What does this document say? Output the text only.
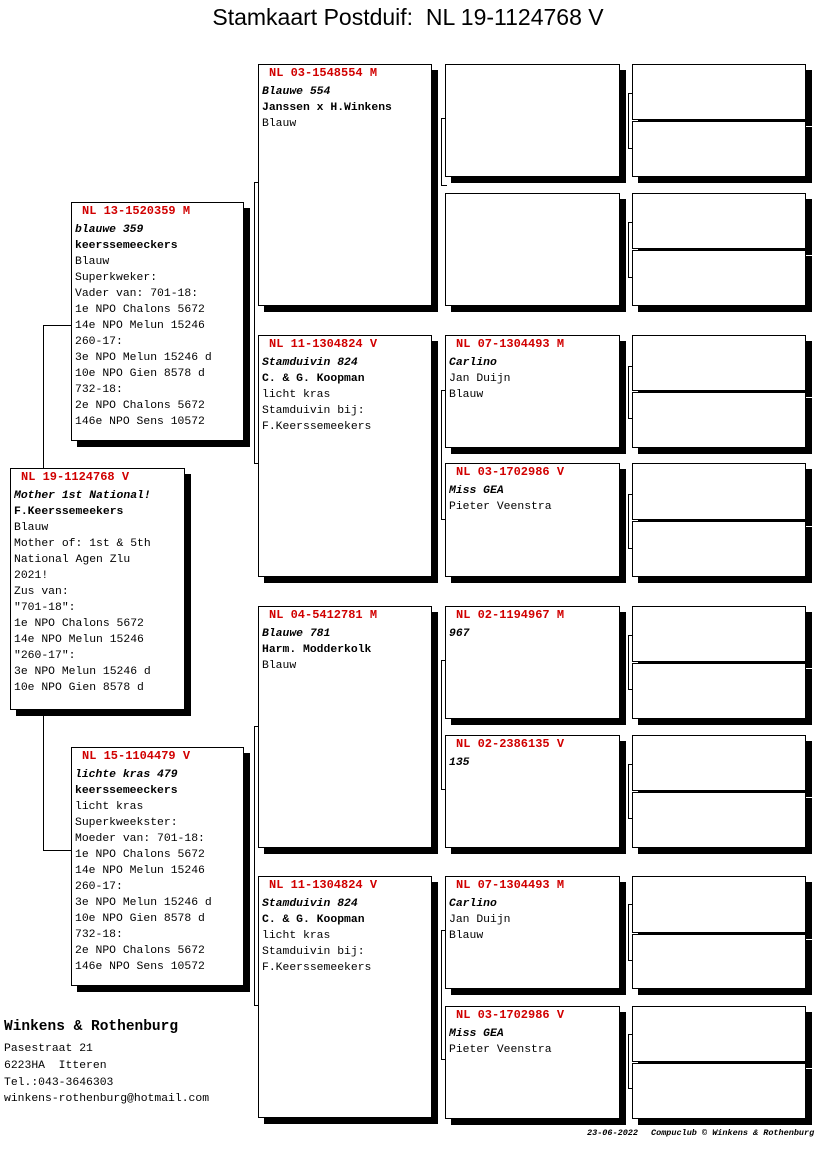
Stamkaart Postduif:  NL 19-1124768 V
NL 19-1124768 V
Mother 1st National!
F.Keerssemeekers
Blauw
Mother of: 1st & 5th
National Agen Zlu
2021!
Zus van:
"701-18":
1e NPO Chalons 5672
14e NPO Melun 15246
"260-17":
3e NPO Melun 15246 d
10e NPO Gien 8578 d
NL 13-1520359 M
blauwe 359
keerssemeeckers
Blauw
Superkweker:
Vader van: 701-18:
1e NPO Chalons 5672
14e NPO Melun 15246
260-17:
3e NPO Melun 15246 d
10e NPO Gien 8578 d
732-18:
2e NPO Chalons 5672
146e NPO Sens 10572
NL 15-1104479 V
lichte kras 479
keerssemeeckers
licht kras
Superkweekster:
Moeder van: 701-18:
1e NPO Chalons 5672
14e NPO Melun 15246
260-17:
3e NPO Melun 15246 d
10e NPO Gien 8578 d
732-18:
2e NPO Chalons 5672
146e NPO Sens 10572
NL 03-1548554 M
Blauwe 554
Janssen x H.Winkens
Blauw
NL 11-1304824 V
Stamduivin 824
C. & G. Koopman
licht kras
Stamduivin bij:
F.Keerssemeekers
NL 04-5412781 M
Blauwe 781
Harm. Modderkolk
Blauw
NL 11-1304824 V
Stamduivin 824
C. & G. Koopman
licht kras
Stamduivin bij:
F.Keerssemeekers
NL 07-1304493 M
Carlino
Jan Duijn
Blauw
NL 03-1702986 V
Miss GEA
Pieter Veenstra
NL 02-1194967 M
967
NL 02-2386135 V
135
NL 07-1304493 M
Carlino
Jan Duijn
Blauw
NL 03-1702986 V
Miss GEA
Pieter Veenstra
Winkens & Rothenburg
Pasestraat 21
6223HA  Itteren
Tel.:043-3646303
winkens-rothenburg@hotmail.com
23-06-2022 Compuclub © Winkens & Rothenburg
